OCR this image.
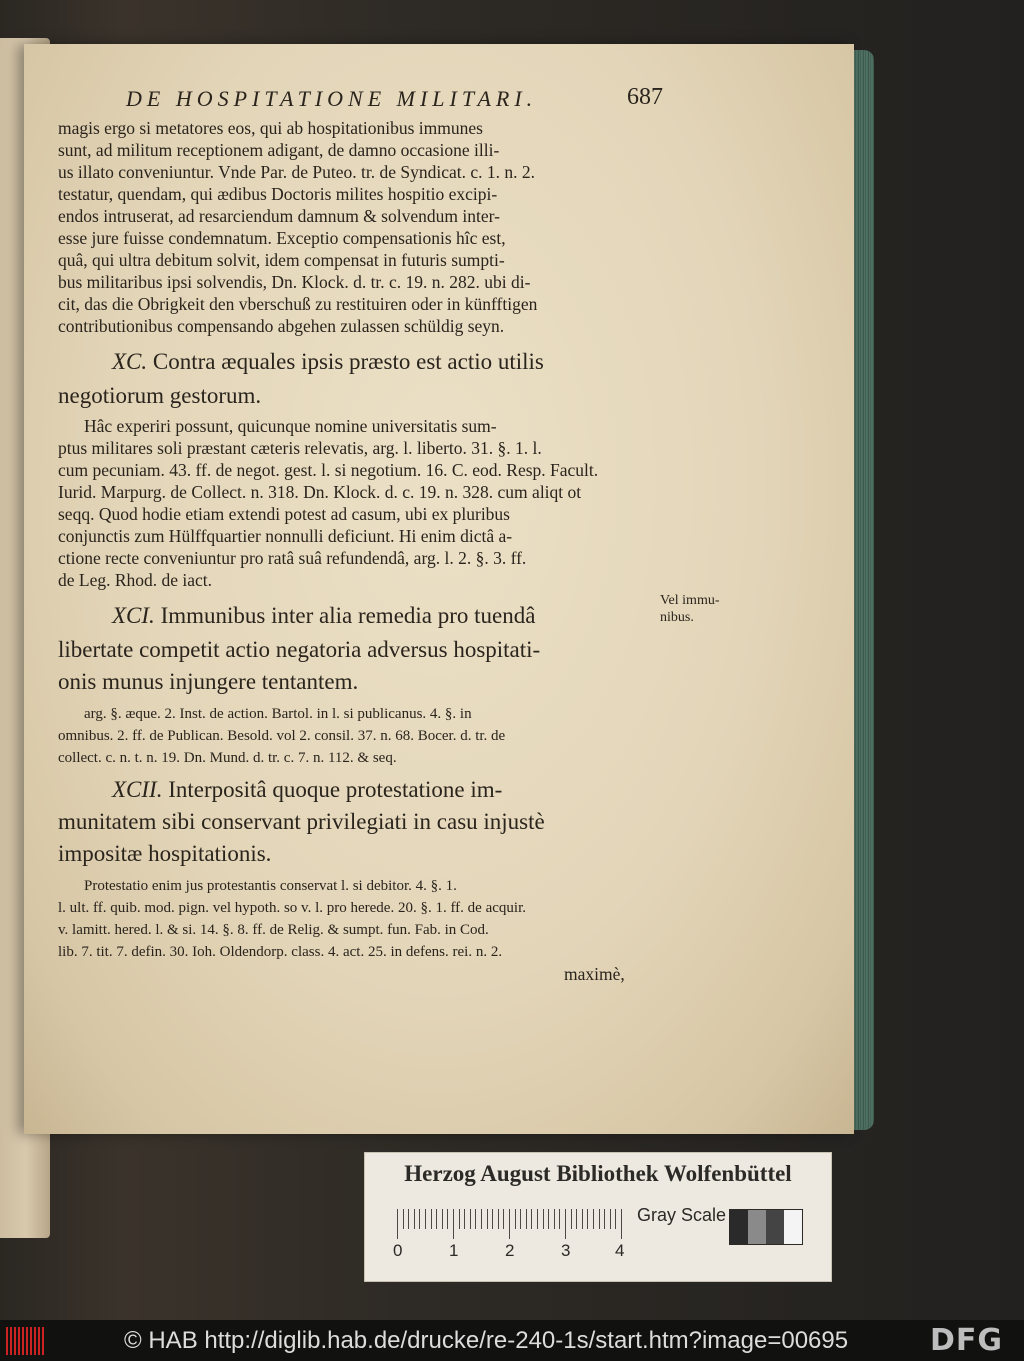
DE HOSPITATIONE MILITARI.	687
magis ergo si metatores eos, qui ab hospitationibus immunes
sunt, ad militum receptionem adigant, de damno occasione illi-
us illato conveniuntur. Vnde Par. de Puteo. tr. de Syndicat. c. 1. n. 2.
testatur, quendam, qui ædibus Doctoris milites hospitio excipi-
endos intruserat, ad resarciendum damnum & solvendum inter-
esse jure fuisse condemnatum. Exceptio compensationis hîc est,
quâ, qui ultra debitum solvit, idem compensat in futuris sumpti-
bus militaribus ipsi solvendis, Dn. Klock. d. tr. c. 19. n. 282. ubi di-
cit, das die Obrigkeit den vberschuß zu restituiren oder in künfftigen
contributionibus compensando abgehen zulassen schüldig seyn.
XC. Contra æquales ipsis præsto est actio utilis
negotiorum gestorum.
Hâc experiri possunt, quicunque nomine universitatis sum-
ptus militares soli præstant cæteris relevatis, arg. l. liberto. 31. §. 1. l.
cum pecuniam. 43. ff. de negot. gest. l. si negotium. 16. C. eod. Resp. Facult.
Iurid. Marpurg. de Collect. n. 318. Dn. Klock. d. c. 19. n. 328. cum aliqt ot
seqq. Quod hodie etiam extendi potest ad casum, ubi ex pluribus
conjunctis zum Hülffquartier nonnulli deficiunt. Hi enim dictâ a-
ctione recte conveniuntur pro ratâ suâ refundendâ, arg. l. 2. §. 3. ff.
de Leg. Rhod. de iact.
XCI. Immunibus inter alia remedia pro tuendâ
libertate competit actio negatoria adversus hospitati-
onis munus injungere tentantem.
arg. §. æque. 2. Inst. de action. Bartol. in l. si publicanus. 4. §. in
omnibus. 2. ff. de Publican. Besold. vol 2. consil. 37. n. 68. Bocer. d. tr. de
collect. c. n. t. n. 19. Dn. Mund. d. tr. c. 7. n. 112. & seq.
XCII. Interpositâ quoque protestatione im-
munitatem sibi conservant privilegiati in casu injustè
impositæ hospitationis.
Protestatio enim jus protestantis conservat l. si debitor. 4. §. 1.
l. ult. ff. quib. mod. pign. vel hypoth. so v. l. pro herede. 20. §. 1. ff. de acquir.
v. lamitt. hered. l. & si. 14. §. 8. ff. de Relig. & sumpt. fun. Fab. in Cod.
lib. 7. tit. 7. defin. 30. Ioh. Oldendorp. class. 4. act. 25. in defens. rei. n. 2.
maximè,
Vel immu-
nibus.
Herzog August Bibliothek Wolfenbüttel
0	1	2	3	4
Gray Scale
© HAB http://diglib.hab.de/drucke/re-240-1s/start.htm?image=00695	DFG
